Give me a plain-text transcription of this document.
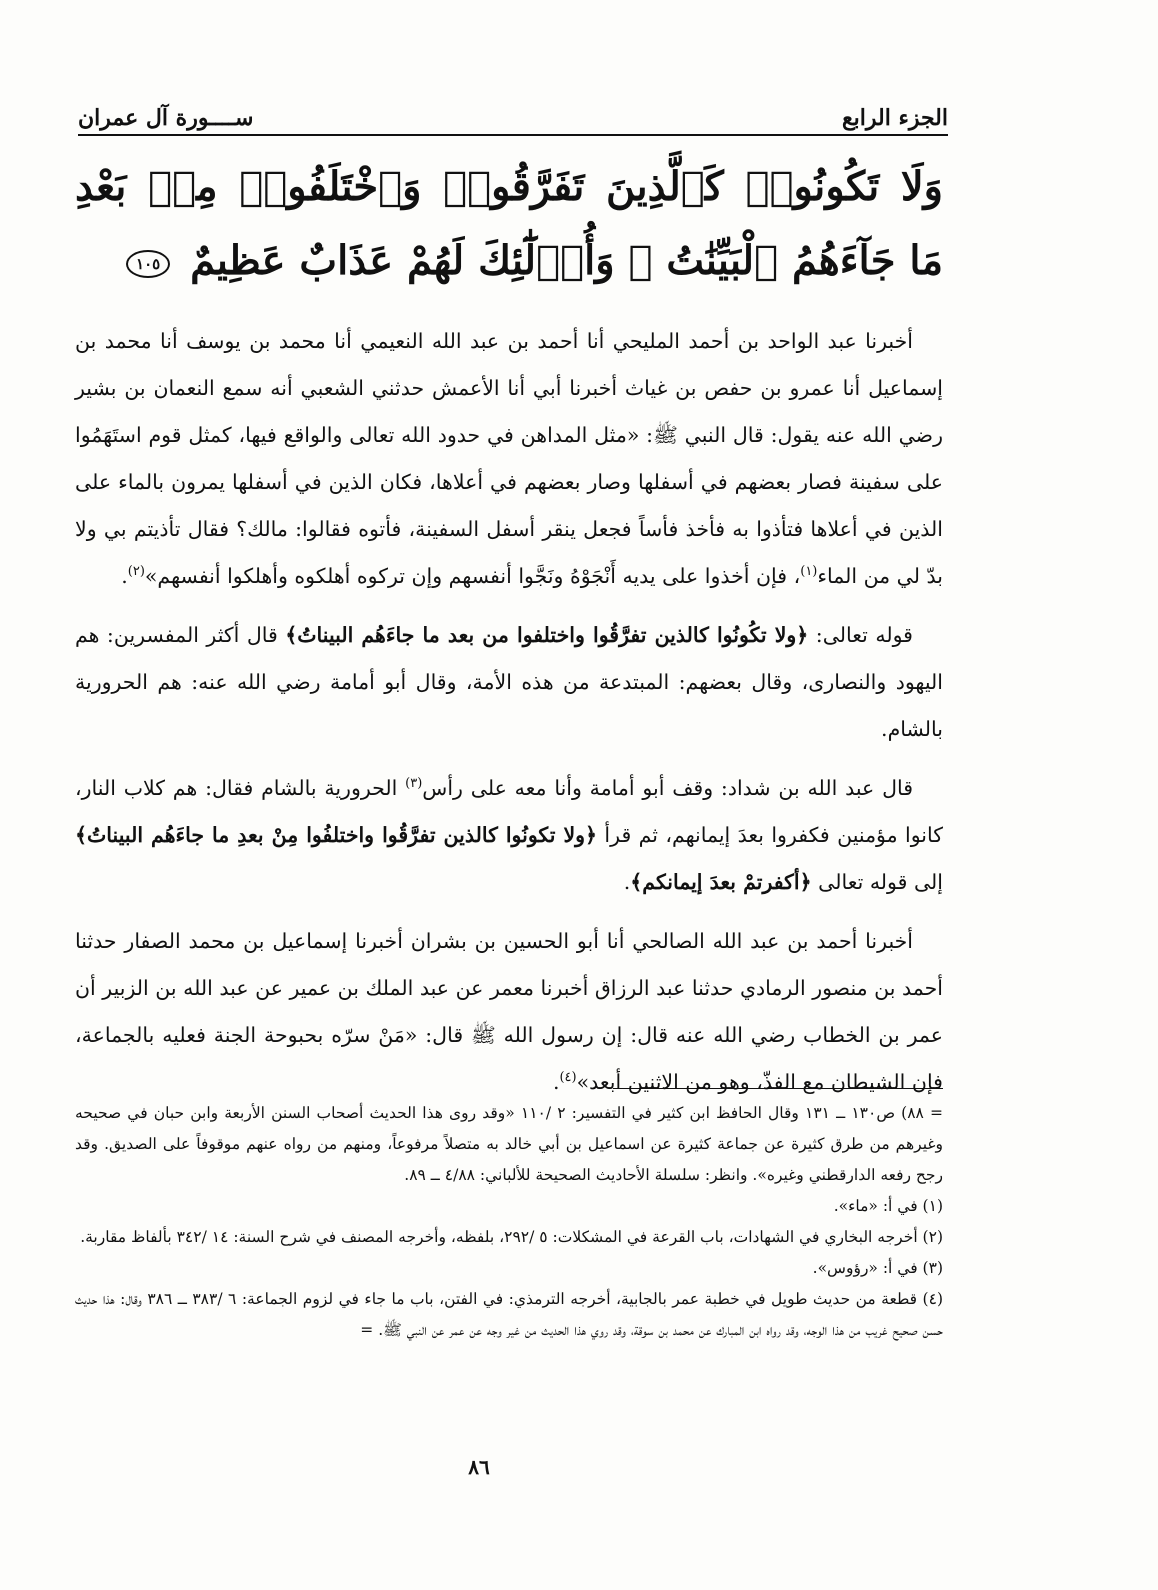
الجزء الرابع
ســــورة آل عمران
وَلَا تَكُونُوا۟ كَٱلَّذِينَ تَفَرَّقُوا۟ وَٱخْتَلَفُوا۟ مِنۢ بَعْدِ مَا جَآءَهُمُ ٱلْبَيِّنَٰتُ ۚ وَأُو۟لَٰٓئِكَ لَهُمْ عَذَابٌ عَظِيمٌ ١٠٥

أخبرنا عبد الواحد بن أحمد المليحي أنا أحمد بن عبد الله النعيمي أنا محمد بن يوسف أنا محمد بن إسماعيل أنا عمرو بن حفص بن غياث أخبرنا أبي أنا الأعمش حدثني الشعبي أنه سمع النعمان بن بشير رضي الله عنه يقول: قال النبي ﷺ: «مثل المداهن في حدود الله تعالى والواقع فيها، كمثل قوم استَهَمُوا على سفينة فصار بعضهم في أسفلها وصار بعضهم في أعلاها، فكان الذين في أسفلها يمرون بالماء على الذين في أعلاها فتأذوا به فأخذ فأساً فجعل ينقر أسفل السفينة، فأتوه فقالوا: مالك؟ فقال تأذيتم بي ولا بدّ لي من الماء$^{(١)}$، فإن أخذوا على يديه أَنْجَوْهُ ونَجَّوا أنفسهم وإن تركوه أهلكوه وأهلكوا أنفسهم»$^{(٢)}$.

قوله تعالى: ﴿ولا تكُونُوا كالذين تفرَّقُوا واختلفوا من بعد ما جاءَهُم البيناتُ﴾ قال أكثر المفسرين: هم اليهود والنصارى، وقال بعضهم: المبتدعة من هذه الأمة، وقال أبو أمامة رضي الله عنه: هم الحرورية بالشام.

قال عبد الله بن شداد: وقف أبو أمامة وأنا معه على رأس$^{(٣)}$ الحرورية بالشام فقال: هم كلاب النار، كانوا مؤمنين فكفروا بعدَ إيمانهم، ثم قرأ ﴿ولا تكونُوا كالذين تفرَّقُوا واختلفُوا مِنْ بعدِ ما جاءَهُم البيناتُ﴾ إلى قوله تعالى ﴿أكفرتمْ بعدَ إيمانكم﴾.

أخبرنا أحمد بن عبد الله الصالحي أنا أبو الحسين بن بشران أخبرنا إسماعيل بن محمد الصفار حدثنا أحمد بن منصور الرمادي حدثنا عبد الرزاق أخبرنا معمر عن عبد الملك بن عمير عن عبد الله بن الزبير أن عمر بن الخطاب رضي الله عنه قال: إن رسول الله ﷺ قال: «مَنْ سرّه بحبوحة الجنة فعليه بالجماعة، فإن الشيطان مع الفذّ، وهو من الاثنين أبعد»$^{(٤)}$.

= ٨٨) ص١٣٠ ــ ١٣١ وقال الحافظ ابن كثير في التفسير: ٢ /١١٠ «وقد روى هذا الحديث أصحاب السنن الأربعة وابن حبان في صحيحه وغيرهم من طرق كثيرة عن جماعة كثيرة عن اسماعيل بن أبي خالد به متصلاً مرفوعاً، ومنهم من رواه عنهم موقوفاً على الصديق. وقد رجح رفعه الدارقطني وغيره». وانظر: سلسلة الأحاديث الصحيحة للألباني: ٤/٨٨ ــ ٨٩.

(١) في أ: «ماء».

(٢) أخرجه البخاري في الشهادات، باب القرعة في المشكلات: ٥ /٢٩٢، بلفظه، وأخرجه المصنف في شرح السنة: ١٤ /٣٤٢ بألفاظ مقاربة.

(٣) في أ: «رؤوس».

(٤) قطعة من حديث طويل في خطبة عمر بالجابية، أخرجه الترمذي: في الفتن، باب ما جاء في لزوم الجماعة: ٦ /٣٨٣ ــ ٣٨٦ وقال: هذا حديث حسن صحيح غريب من هذا الوجه، وقد رواه ابن المبارك عن محمد بن سوقة، وقد روي هذا الحديث من غير وجه عن عمر عن النبي ﷺ. =

٨٦
